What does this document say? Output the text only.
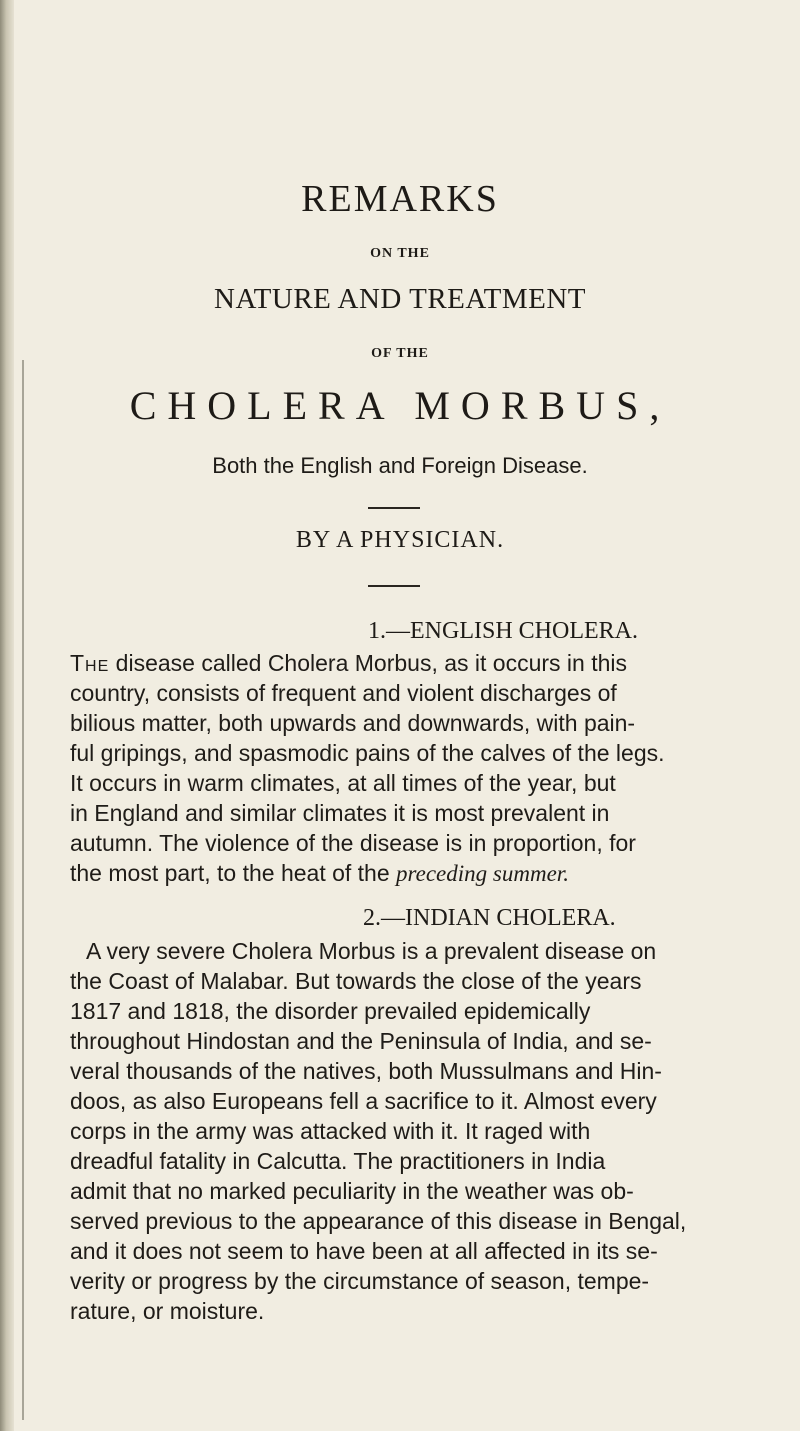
REMARKS
ON THE
NATURE AND TREATMENT
OF THE
CHOLERA MORBUS,
Both the English and Foreign Disease.
BY A PHYSICIAN.
1.—ENGLISH CHOLERA.
The disease called Cholera Morbus, as it occurs in this
country, consists of frequent and violent discharges of
bilious matter, both upwards and downwards, with pain-
ful gripings, and spasmodic pains of the calves of the legs.
It occurs in warm climates, at all times of the year, but
in England and similar climates it is most prevalent in
autumn. The violence of the disease is in proportion, for
the most part, to the heat of the preceding summer.
2.—INDIAN CHOLERA.
A very severe Cholera Morbus is a prevalent disease on
the Coast of Malabar. But towards the close of the years
1817 and 1818, the disorder prevailed epidemically
throughout Hindostan and the Peninsula of India, and se-
veral thousands of the natives, both Mussulmans and Hin-
doos, as also Europeans fell a sacrifice to it. Almost every
corps in the army was attacked with it. It raged with
dreadful fatality in Calcutta. The practitioners in India
admit that no marked peculiarity in the weather was ob-
served previous to the appearance of this disease in Bengal,
and it does not seem to have been at all affected in its se-
verity or progress by the circumstance of season, tempe-
rature, or moisture.
